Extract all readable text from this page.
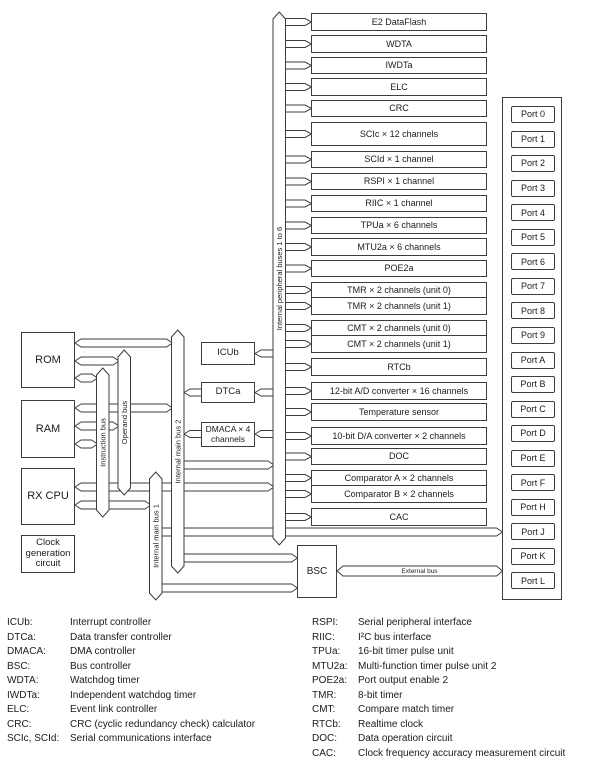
Instruction bus Operand bus
Internal main bus 1
Internal main bus 2
Internal peripheral buses 1 to 6
External bus
ROM
RAM
RX CPU
Clock generation circuit
ICUb
DTCa
DMACA × 4 channels
BSC
Port 0
Port 1
Port 2
Port 3
Port 4
Port 5
Port 6
Port 7
Port 8
Port 9
Port A
Port B
Port C
Port D
Port E
Port F
Port H
Port J
Port K
Port L
ICUb:	Interrupt controller
DTCa:	Data transfer controller
DMACA:	DMA controller
BSC:	Bus controller
WDTA:	Watchdog timer
IWDTa:	Independent watchdog timer
ELC:	Event link controller
CRC:	CRC (cyclic redundancy check) calculator
SCIc, SCId:	Serial communications interface
RSPI:	Serial peripheral interface
RIIC:	I²C bus interface
TPUa:	16-bit timer pulse unit
MTU2a:	Multi-function timer pulse unit 2
POE2a:	Port output enable 2
TMR:	8-bit timer
CMT:	Compare match timer
RTCb:	Realtime clock
DOC:	Data operation circuit
CAC:	Clock frequency accuracy measurement circuit
E2 DataFlash
WDTA
IWDTa
ELC
CRC
SCIc × 12 channels
SCId × 1 channel
RSPI × 1 channel
RIIC × 1 channel
TPUa × 6 channels
MTU2a × 6 channels
POE2a
TMR × 2 channels (unit 0)
TMR × 2 channels (unit 1)
CMT × 2 channels (unit 0)
CMT × 2 channels (unit 1)
RTCb
12-bit A/D converter × 16 channels
Temperature sensor
10-bit D/A converter × 2 channels
DOC
Comparator A × 2 channels
Comparator B × 2 channels
CAC
